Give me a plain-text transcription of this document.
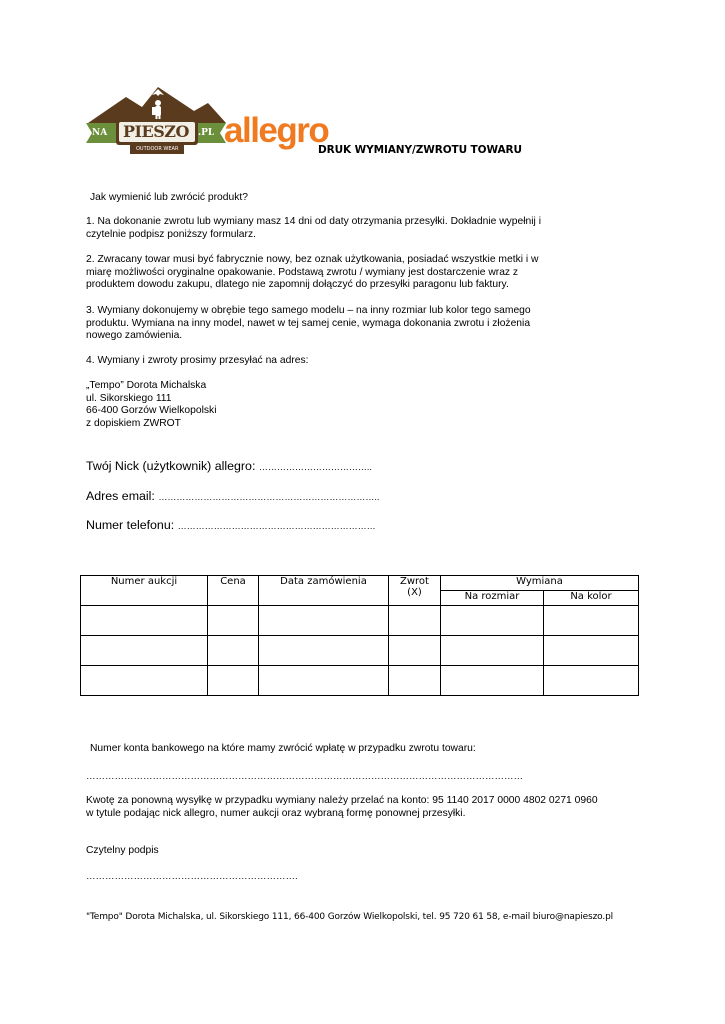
NA PIESZO .PL
OUTDOOR WEAR allegro
DRUK WYMIANY/ZWROTU TOWARU
Jak wymienić lub zwrócić produkt?
1. Na dokonanie zwrotu lub wymiany masz 14 dni od daty otrzymania przesyłki. Dokładnie wypełnij i
czytelnie podpisz poniższy formularz.
2. Zwracany towar musi być fabrycznie nowy, bez oznak użytkowania, posiadać wszystkie metki i w
miarę możliwości oryginalne opakowanie. Podstawą zwrotu / wymiany jest dostarczenie wraz z
produktem dowodu zakupu, dlatego nie zapomnij dołączyć do przesyłki paragonu lub faktury.
3. Wymiany dokonujemy w obrębie tego samego modelu – na inny rozmiar lub kolor tego samego
produktu. Wymiana na inny model, nawet w tej samej cenie, wymaga dokonania zwrotu i złożenia
nowego zamówienia.
4. Wymiany i zwroty prosimy przesyłać na adres:
„Tempo” Dorota Michalska
ul. Sikorskiego 111
66-400 Gorzów Wielkopolski
z dopiskiem ZWROT
Twój Nick (użytkownik) allegro: ………………………………..
Adres email: ………………………………………………………………..
Numer telefonu: …………………………………………………………
Numer aukcji	Cena	Data zamówienia	Zwrot
(X)	Wymiana	
				Na rozmiar	Na kolor

Numer konta bankowego na które mamy zwrócić wpłatę w przypadku zwrotu towaru:
…………………………………………………………………………………………………………………………
Kwotę za ponowną wysyłkę w przypadku wymiany należy przelać na konto: 95 1140 2017 0000 4802 0271 0960
w tytule podając nick allegro, numer aukcji oraz wybraną formę ponownej przesyłki.
Czytelny podpis
………………………………………………………….
"Tempo" Dorota Michalska, ul. Sikorskiego 111, 66-400 Gorzów Wielkopolski, tel. 95 720 61 58, e-mail biuro@napieszo.pl
